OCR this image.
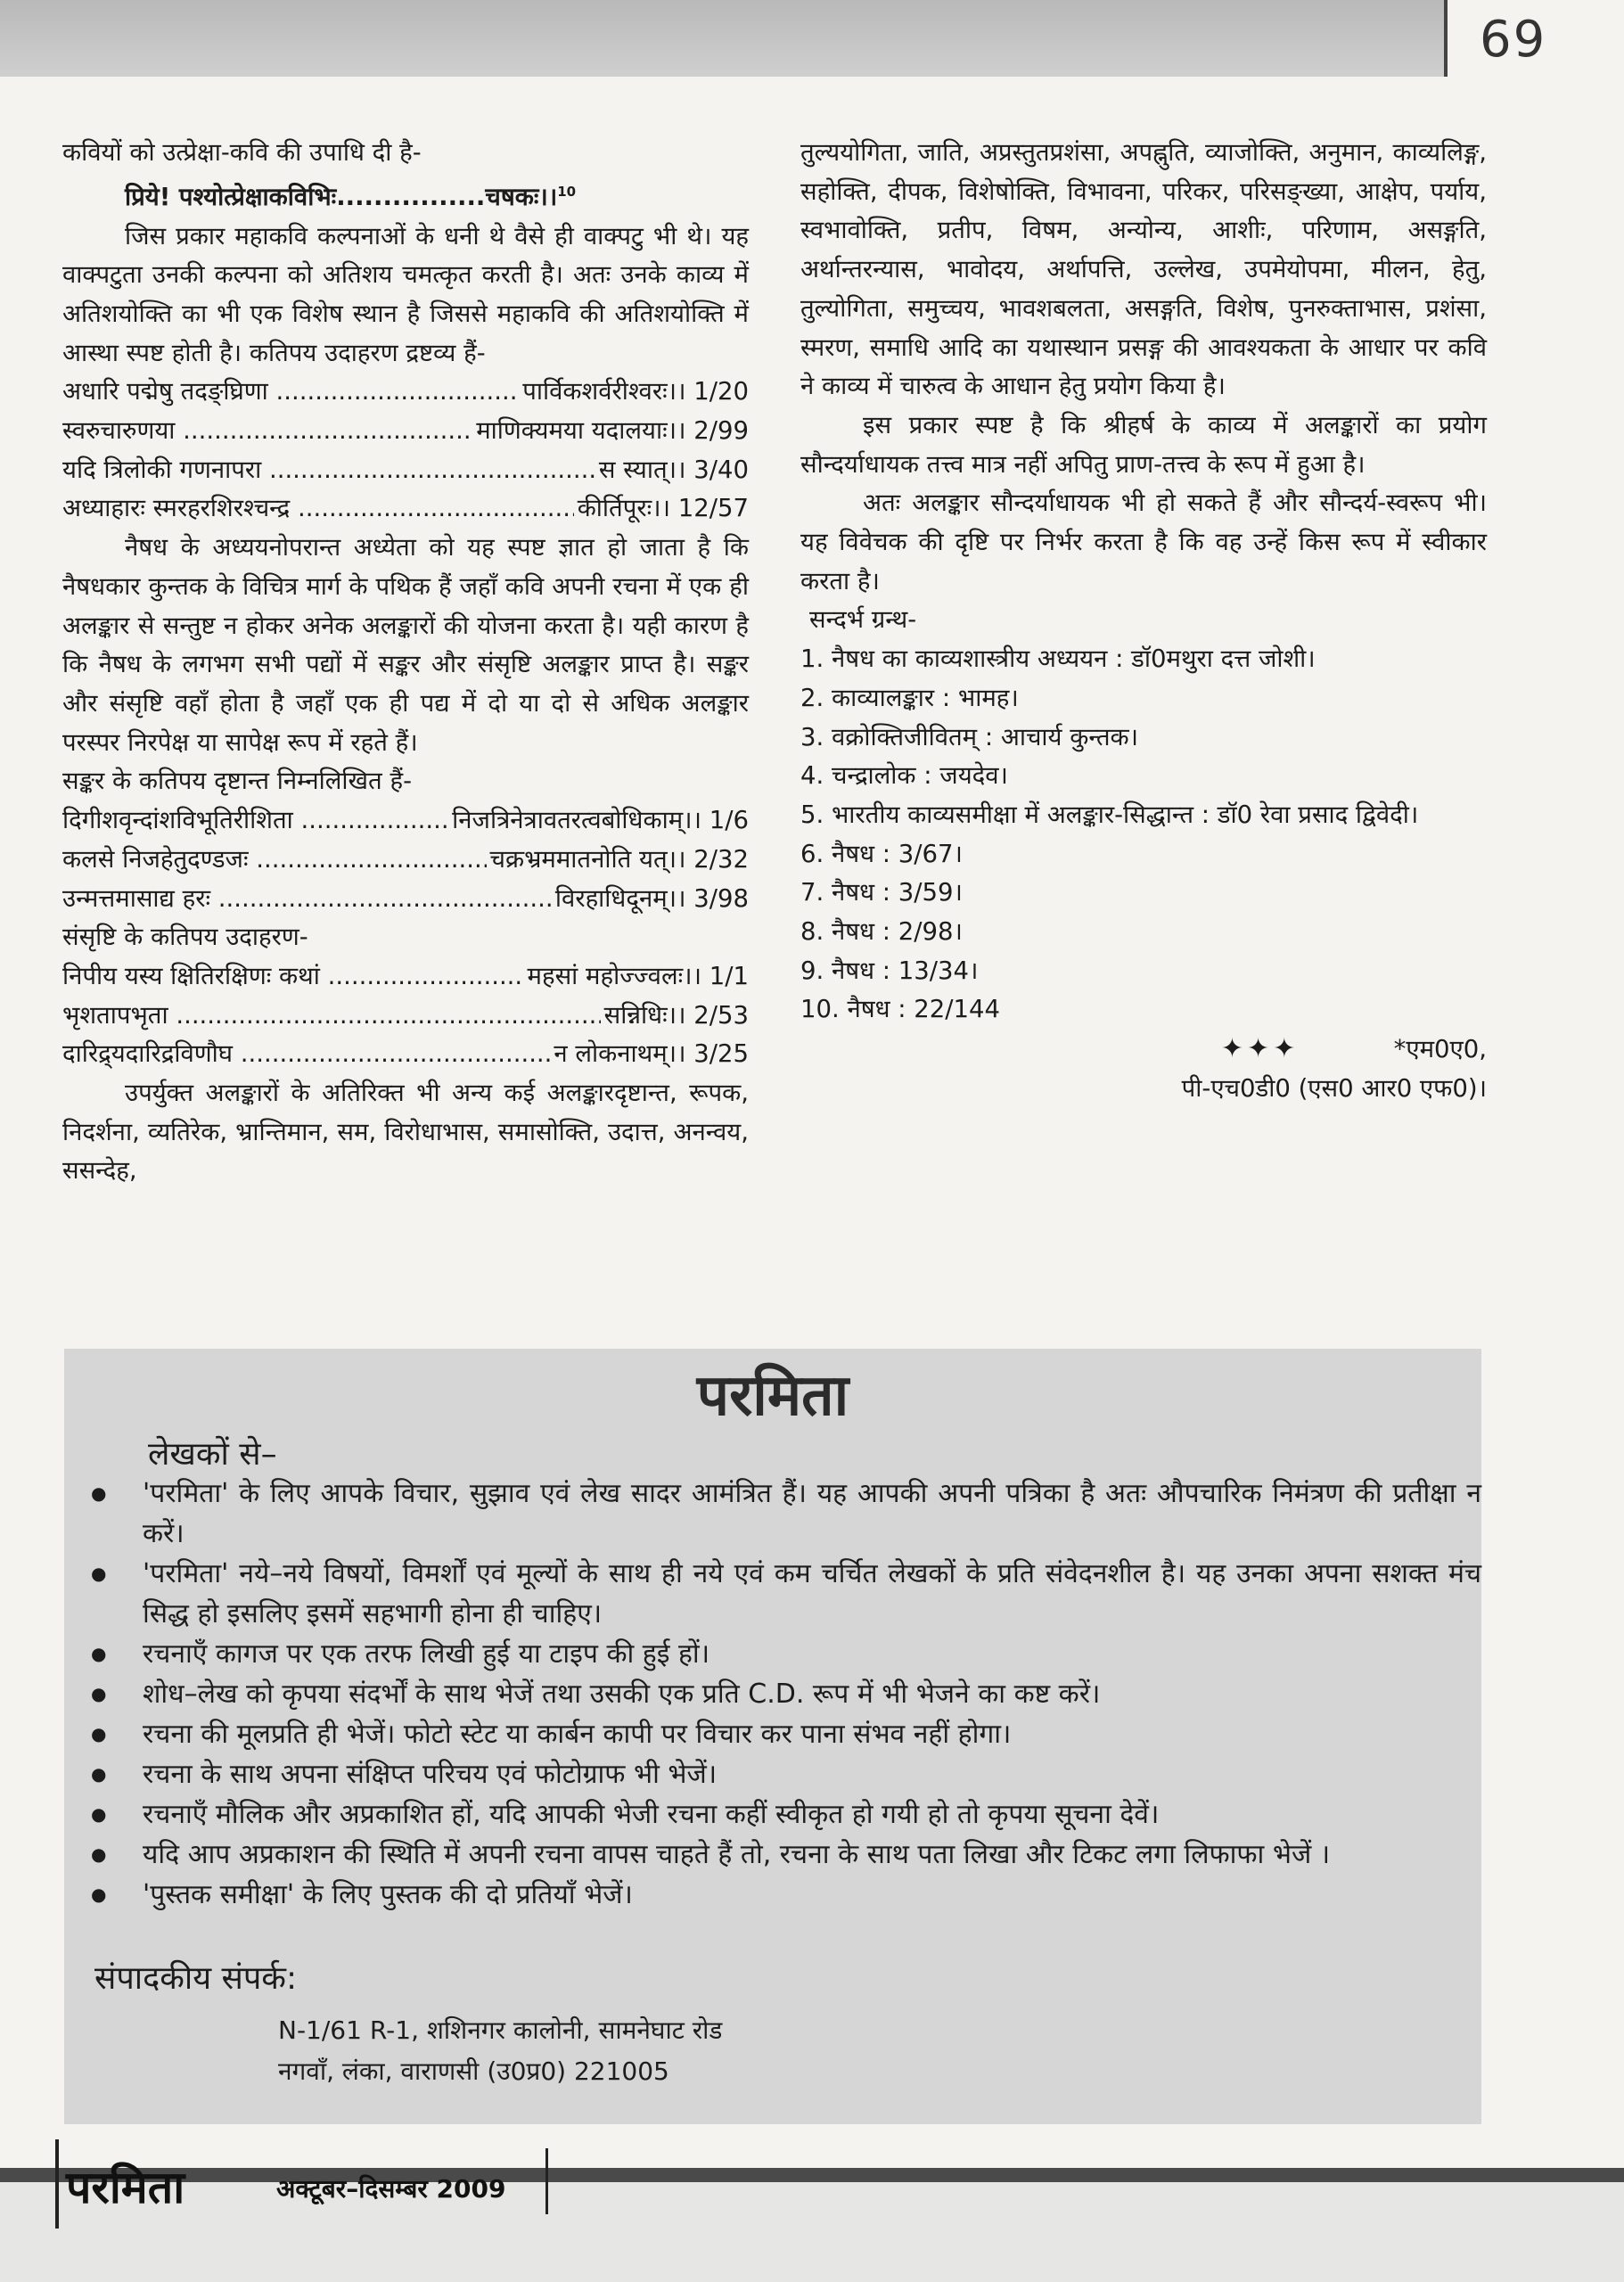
69

कवियों को उत्प्रेक्षा-कवि की उपाधि दी है-

प्रिये! पश्योत्प्रेक्षाकविभिः................चषकः।।$^{10}$

जिस प्रकार महाकवि कल्पनाओं के धनी थे वैसे ही वाक्पटु भी थे। यह वाक्पटुता उनकी कल्पना को अतिशय चमत्कृत करती है। अतः उनके काव्य में अतिशयोक्ति का भी एक विशेष स्थान है जिससे महाकवि की अतिशयोक्ति में आस्था स्पष्ट होती है। कतिपय उदाहरण द्रष्टव्य हैं-

अधारि पद्मेषु तदङ्घ्रिणा .....	पार्विकशर्वरीश्वरः।। 1/20
स्वरुचारुणया .....	माणिक्यमया यदालयाः।। 2/99
यदि त्रिलोकी गणनापरा .....	स स्यात्।। 3/40
अध्याहारः स्मरहरशिरश्चन्द्र .....	कीर्तिपूरः।। 12/57

नैषध के अध्ययनोपरान्त अध्येता को यह स्पष्ट ज्ञात हो जाता है कि नैषधकार कुन्तक के विचित्र मार्ग के पथिक हैं जहाँ कवि अपनी रचना में एक ही अलङ्कार से सन्तुष्ट न होकर अनेक अलङ्कारों की योजना करता है। यही कारण है कि नैषध के लगभग सभी पद्यों में सङ्कर और संसृष्टि अलङ्कार प्राप्त है। सङ्कर और संसृष्टि वहाँ होता है जहाँ एक ही पद्य में दो या दो से अधिक अलङ्कार परस्पर निरपेक्ष या सापेक्ष रूप में रहते हैं।

सङ्कर के कतिपय दृष्टान्त निम्नलिखित हैं-

दिगीशवृन्दांशविभूतिरीशिता .....	निजत्रिनेत्रावतरत्वबोधिकाम्।। 1/6
कलसे निजहेतुदण्डजः .....	चक्रभ्रममातनोति यत्।। 2/32
उन्मत्तमासाद्य हरः .....	विरहाधिदूनम्।। 3/98

संसृष्टि के कतिपय उदाहरण-

निपीय यस्य क्षितिरक्षिणः कथां .....	महसां महोज्ज्वलः।। 1/1
भृशतापभृता .....	सन्निधिः।। 2/53
दारिद्र्यदारिद्रविणौघ .....	न लोकनाथम्।। 3/25

उपर्युक्त अलङ्कारों के अतिरिक्त भी अन्य कई अलङ्कारदृष्टान्त, रूपक, निदर्शना, व्यतिरेक, भ्रान्तिमान, सम, विरोधाभास, समासोक्ति, उदात्त, अनन्वय, ससन्देह,

तुल्ययोगिता, जाति, अप्रस्तुतप्रशंसा, अपह्नुति, व्याजोक्ति, अनुमान, काव्यलिङ्ग, सहोक्ति, दीपक, विशेषोक्ति, विभावना, परिकर, परिसङ्ख्या, आक्षेप, पर्याय, स्वभावोक्ति, प्रतीप, विषम, अन्योन्य, आशीः, परिणाम, असङ्गति, अर्थान्तरन्यास, भावोदय, अर्थापत्ति, उल्लेख, उपमेयोपमा, मीलन, हेतु, तुल्योगिता, समुच्चय, भावशबलता, असङ्गति, विशेष, पुनरुक्ताभास, प्रशंसा, स्मरण, समाधि आदि का यथास्थान प्रसङ्ग की आवश्यकता के आधार पर कवि ने काव्य में चारुत्व के आधान हेतु प्रयोग किया है।

इस प्रकार स्पष्ट है कि श्रीहर्ष के काव्य में अलङ्कारों का प्रयोग सौन्दर्याधायक तत्त्व मात्र नहीं अपितु प्राण-तत्त्व के रूप में हुआ है।

अतः अलङ्कार सौन्दर्याधायक भी हो सकते हैं और सौन्दर्य-स्वरूप भी। यह विवेचक की दृष्टि पर निर्भर करता है कि वह उन्हें किस रूप में स्वीकार करता है।

सन्दर्भ ग्रन्थ-

1. नैषध का काव्यशास्त्रीय अध्ययन : डॉ0मथुरा दत्त जोशी।

2. काव्यालङ्कार : भामह।

3. वक्रोक्तिजीवितम् : आचार्य कुन्तक।

4. चन्द्रालोक : जयदेव।

5. भारतीय काव्यसमीक्षा में अलङ्कार-सिद्धान्त : डॉ0 रेवा प्रसाद द्विवेदी।

6. नैषध : 3/67।

7. नैषध : 3/59।

8. नैषध : 2/98।

9. नैषध : 13/34।

10. नैषध : 22/144

✦✦✦	*एम0ए0,

पी-एच0डी0 (एस0 आर0 एफ0)।

परमिता
लेखकों से–
● 'परमिता' के लिए आपके विचार, सुझाव एवं लेख सादर आमंत्रित हैं। यह आपकी अपनी पत्रिका है अतः औपचारिक निमंत्रण की प्रतीक्षा न करें।
● 'परमिता' नये–नये विषयों, विमर्शों एवं मूल्यों के साथ ही नये एवं कम चर्चित लेखकों के प्रति संवेदनशील है। यह उनका अपना सशक्त मंच सिद्ध हो इसलिए इसमें सहभागी होना ही चाहिए।
● रचनाएँ कागज पर एक तरफ लिखी हुई या टाइप की हुई हों।
● शोध–लेख को कृपया संदर्भों के साथ भेजें तथा उसकी एक प्रति C.D. रूप में भी भेजने का कष्ट करें।
● रचना की मूलप्रति ही भेजें। फोटो स्टेट या कार्बन कापी पर विचार कर पाना संभव नहीं होगा।
● रचना के साथ अपना संक्षिप्त परिचय एवं फोटोग्राफ भी भेजें।
● रचनाएँ मौलिक और अप्रकाशित हों, यदि आपकी भेजी रचना कहीं स्वीकृत हो गयी हो तो कृपया सूचना देवें।
● यदि आप अप्रकाशन की स्थिति में अपनी रचना वापस चाहते हैं तो, रचना के साथ पता लिखा और टिकट लगा लिफाफा भेजें ।
● 'पुस्तक समीक्षा' के लिए पुस्तक की दो प्रतियाँ भेजें।
संपादकीय संपर्क:
N-1/61 R-1, शशिनगर कालोनी, सामनेघाट रोड
नगवाँ, लंका, वाराणसी (उ0प्र0) 221005
परमिता	अक्टूबर–दिसम्बर 2009
